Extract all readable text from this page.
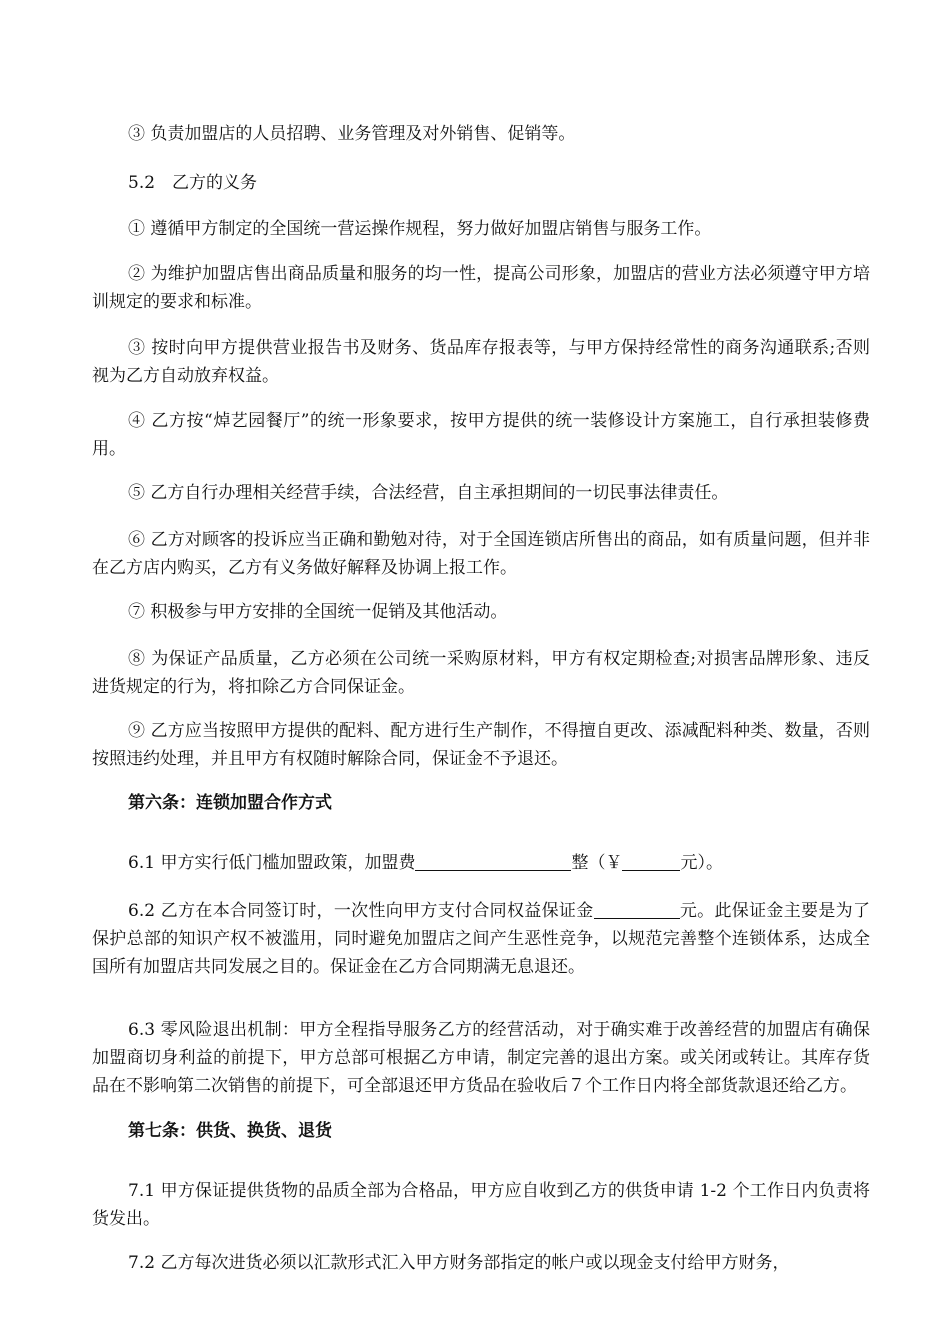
③ 负责加盟店的人员招聘、业务管理及对外销售、促销等。

5.2　乙方的义务

① 遵循甲方制定的全国统一营运操作规程，努力做好加盟店销售与服务工作。

② 为维护加盟店售出商品质量和服务的均一性，提高公司形象，加盟店的营业方法必须遵守甲方培训规定的要求和标准。

③ 按时向甲方提供营业报告书及财务、货品库存报表等，与甲方保持经常性的商务沟通联系;否则视为乙方自动放弃权益。

④ 乙方按“焯艺园餐厅”的统一形象要求，按甲方提供的统一装修设计方案施工，自行承担装修费用。

⑤ 乙方自行办理相关经营手续，合法经营，自主承担期间的一切民事法律责任。

⑥ 乙方对顾客的投诉应当正确和勤勉对待，对于全国连锁店所售出的商品，如有质量问题，但并非在乙方店内购买，乙方有义务做好解释及协调上报工作。

⑦ 积极参与甲方安排的全国统一促销及其他活动。

⑧ 为保证产品质量，乙方必须在公司统一采购原材料，甲方有权定期检查;对损害品牌形象、违反进货规定的行为，将扣除乙方合同保证金。

⑨ 乙方应当按照甲方提供的配料、配方进行生产制作，不得擅自更改、添减配料种类、数量，否则按照违约处理，并且甲方有权随时解除合同，保证金不予退还。

第六条：连锁加盟合作方式

6.1 甲方实行低门槛加盟政策，加盟费	整（￥	元）。

6.2 乙方在本合同签订时，一次性向甲方支付合同权益保证金	元。此保证金主要是为了保护总部的知识产权不被滥用，同时避免加盟店之间产生恶性竞争，以规范完善整个连锁体系，达成全国所有加盟店共同发展之目的。保证金在乙方合同期满无息退还。

6.3 零风险退出机制：甲方全程指导服务乙方的经营活动，对于确实难于改善经营的加盟店有确保加盟商切身利益的前提下，甲方总部可根据乙方申请，制定完善的退出方案。或关闭或转让。其库存货品在不影响第二次销售的前提下，可全部退还甲方货品在验收后７个工作日内将全部货款退还给乙方。

第七条：供货、换货、退货

7.1 甲方保证提供货物的品质全部为合格品，甲方应自收到乙方的供货申请 1-2 个工作日内负责将货发出。

7.2 乙方每次进货必须以汇款形式汇入甲方财务部指定的帐户或以现金支付给甲方财务，
